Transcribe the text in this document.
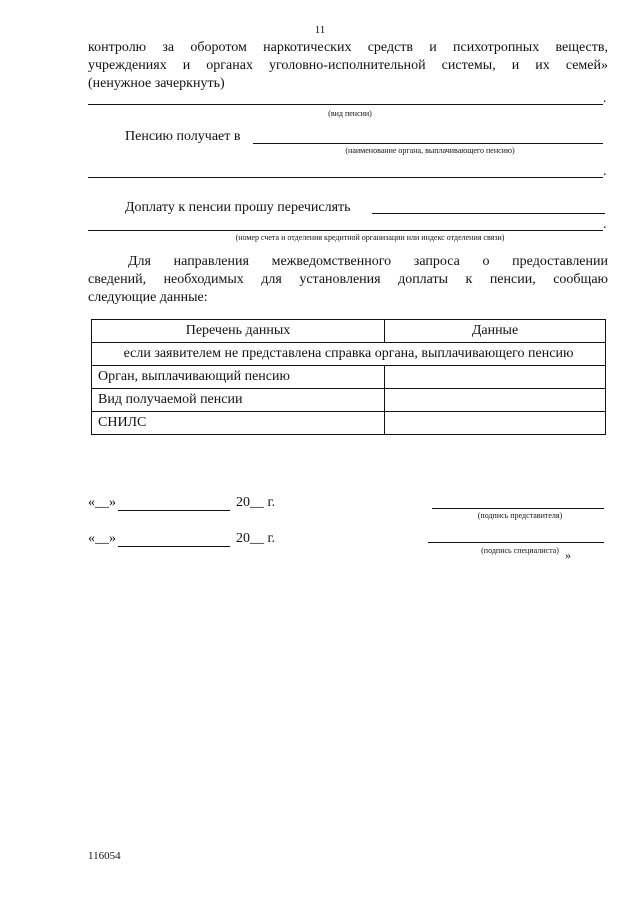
11
контролю за оборотом наркотических средств и психотропных веществ,
учреждениях и органах уголовно-исполнительной системы, и их семей»
(ненужное зачеркнуть)
.
(вид пенсии)
Пенсию получает в
(наименование органа, выплачивающего пенсию)
.
Доплату к пенсии прошу перечислять
.
(номер счета и отделения кредитной организации или индекс отделения связи)
Для направления межведомственного запроса о предоставлении
сведений, необходимых для установления доплаты к пенсии, сообщаю
следующие данные:
Перечень данных	Данные
если заявителем не представлена справка органа, выплачивающего пенсию	
Орган, выплачивающий пенсию	
Вид получаемой пенсии	
СНИЛС	
«__»	20__ г.
(подпись представителя)
«__»	20__ г.
(подпись специалиста) »
116054
